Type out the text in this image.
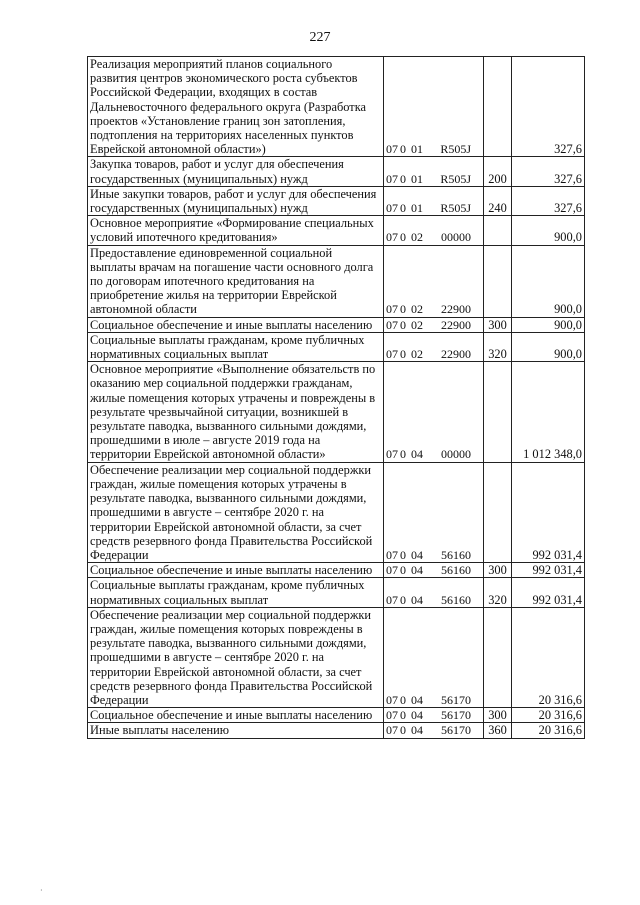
227
Реализация мероприятий планов социального развития центров экономического роста субъектов Российской Федерации, входящих в состав Дальневосточного федерального округа (Разработка проектов «Установление границ зон затопления, подтопления на территориях населенных пунктов Еврейской автономной области»)	07 0 01 R505J		327,6
Закупка товаров, работ и услуг для обеспечения государственных (муниципальных) нужд	07 0 01 R505J	200	327,6
Иные закупки товаров, работ и услуг для обеспечения государственных (муниципальных) нужд	07 0 01 R505J	240	327,6
Основное мероприятие «Формирование специальных условий ипотечного кредитования»	07 0 02 00000		900,0
Предоставление единовременной социальной выплаты врачам на погашение части основного долга по договорам ипотечного кредитования на приобретение жилья на территории Еврейской автономной области	07 0 02 22900		900,0
Социальное обеспечение и иные выплаты населению	07 0 02 22900	300	900,0
Социальные выплаты гражданам, кроме публичных нормативных социальных выплат	07 0 02 22900	320	900,0
Основное мероприятие «Выполнение обязательств по оказанию мер социальной поддержки гражданам, жилые помещения которых утрачены и повреждены в результате чрезвычайной ситуации, возникшей в результате паводка, вызванного сильными дождями, прошедшими в июле – августе 2019 года на территории Еврейской автономной области»	07 0 04 00000		1 012 348,0
Обеспечение реализации мер социальной поддержки граждан, жилые помещения которых утрачены в результате паводка, вызванного сильными дождями, прошедшими в августе – сентябре 2020 г. на территории Еврейской автономной области, за счет средств резервного фонда Правительства Российской Федерации	07 0 04 56160		992 031,4
Социальное обеспечение и иные выплаты населению	07 0 04 56160	300	992 031,4
Социальные выплаты гражданам, кроме публичных нормативных социальных выплат	07 0 04 56160	320	992 031,4
Обеспечение реализации мер социальной поддержки граждан, жилые помещения которых повреждены в результате паводка, вызванного сильными дождями, прошедшими в августе – сентябре 2020 г. на территории Еврейской автономной области, за счет средств резервного фонда Правительства Российской Федерации	07 0 04 56170		20 316,6
Социальное обеспечение и иные выплаты населению	07 0 04 56170	300	20 316,6
Иные выплаты населению	07 0 04 56170	360	20 316,6
·
